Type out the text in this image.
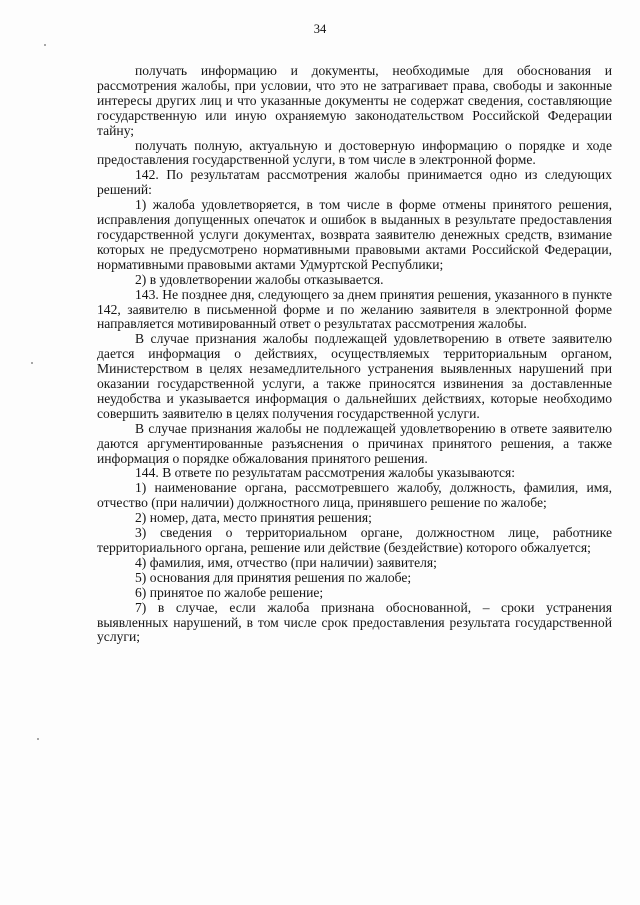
34

получать информацию и документы, необходимые для обоснования и рассмотрения жалобы, при условии, что это не затрагивает права, свободы и законные интересы других лиц и что указанные документы не содержат сведения, составляющие государственную или иную охраняемую законодательством Российской Федерации тайну;

получать полную, актуальную и достоверную информацию о порядке и ходе предоставления государственной услуги, в том числе в электронной форме.

142. По результатам рассмотрения жалобы принимается одно из следующих решений:

1) жалоба удовлетворяется, в том числе в форме отмены принятого решения, исправления допущенных опечаток и ошибок в выданных в результате предоставления государственной услуги документах, возврата заявителю денежных средств, взимание которых не предусмотрено нормативными правовыми актами Российской Федерации, нормативными правовыми актами Удмуртской Республики;

2) в удовлетворении жалобы отказывается.

143. Не позднее дня, следующего за днем принятия решения, указанного в пункте 142, заявителю в письменной форме и по желанию заявителя в электронной форме направляется мотивированный ответ о результатах рассмотрения жалобы.

В случае признания жалобы подлежащей удовлетворению в ответе заявителю дается информация о действиях, осуществляемых территориальным органом, Министерством в целях незамедлительного устранения выявленных нарушений при оказании государственной услуги, а также приносятся извинения за доставленные неудобства и указывается информация о дальнейших действиях, которые необходимо совершить заявителю в целях получения государственной услуги.

В случае признания жалобы не подлежащей удовлетворению в ответе заявителю даются аргументированные разъяснения о причинах принятого решения, а также информация о порядке обжалования принятого решения.

144. В ответе по результатам рассмотрения жалобы указываются:

1) наименование органа, рассмотревшего жалобу, должность, фамилия, имя, отчество (при наличии) должностного лица, принявшего решение по жалобе;

2) номер, дата, место принятия решения;

3) сведения о территориальном органе, должностном лице, работнике территориального органа, решение или действие (бездействие) которого обжалуется;

4) фамилия, имя, отчество (при наличии) заявителя;

5) основания для принятия решения по жалобе;

6) принятое по жалобе решение;

7) в случае, если жалоба признана обоснованной, – сроки устранения выявленных нарушений, в том числе срок предоставления результата государственной услуги;
